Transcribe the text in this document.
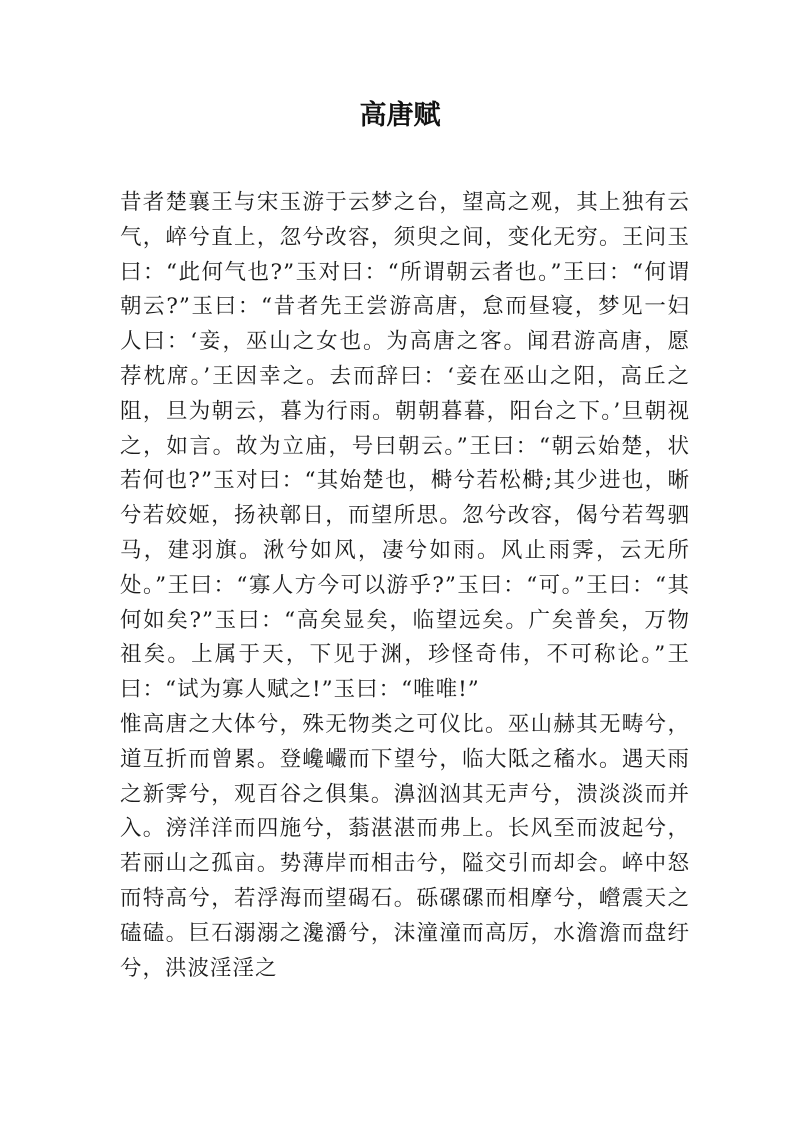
高唐赋

昔者楚襄王与宋玉游于云梦之台，望高之观，其上独有云气，崪兮直上，忽兮改容，须臾之间，变化无穷。王问玉曰：“此何气也?”玉对曰：“所谓朝云者也。”王曰：“何谓朝云?”玉曰：“昔者先王尝游高唐，怠而昼寝，梦见一妇人曰：‘妾，巫山之女也。为高唐之客。闻君游高唐，愿荐枕席。’王因幸之。去而辞曰：‘妾在巫山之阳，高丘之阻，旦为朝云，暮为行雨。朝朝暮暮，阳台之下。’旦朝视之，如言。故为立庙，号曰朝云。”王曰：“朝云始楚，状若何也?”玉对曰：“其始楚也，榯兮若松榯;其少进也，晰兮若姣姬，扬袂鄣日，而望所思。忽兮改容，偈兮若驾驷马，建羽旗。湫兮如风，凄兮如雨。风止雨霁，云无所处。”王曰：“寡人方今可以游乎?”玉曰：“可。”王曰：“其何如矣?”玉曰：“高矣显矣，临望远矣。广矣普矣，万物祖矣。上属于天，下见于渊，珍怪奇伟，不可称论。”王曰：“试为寡人赋之!”玉曰：“唯唯!”

惟高唐之大体兮，殊无物类之可仪比。巫山赫其无畴兮，道互折而曾累。登巉巗而下望兮，临大阺之稸水。遇天雨之新霁兮，观百谷之俱集。濞汹汹其无声兮，溃淡淡而并入。滂洋洋而四施兮，蓊湛湛而弗上。长风至而波起兮，若丽山之孤亩。势薄岸而相击兮，隘交引而却会。崪中怒而特高兮，若浮海而望碣石。砾磥磥而相摩兮，巆震天之磕磕。巨石溺溺之瀺灂兮，沫潼潼而高厉，水澹澹而盘纡兮，洪波淫淫之
